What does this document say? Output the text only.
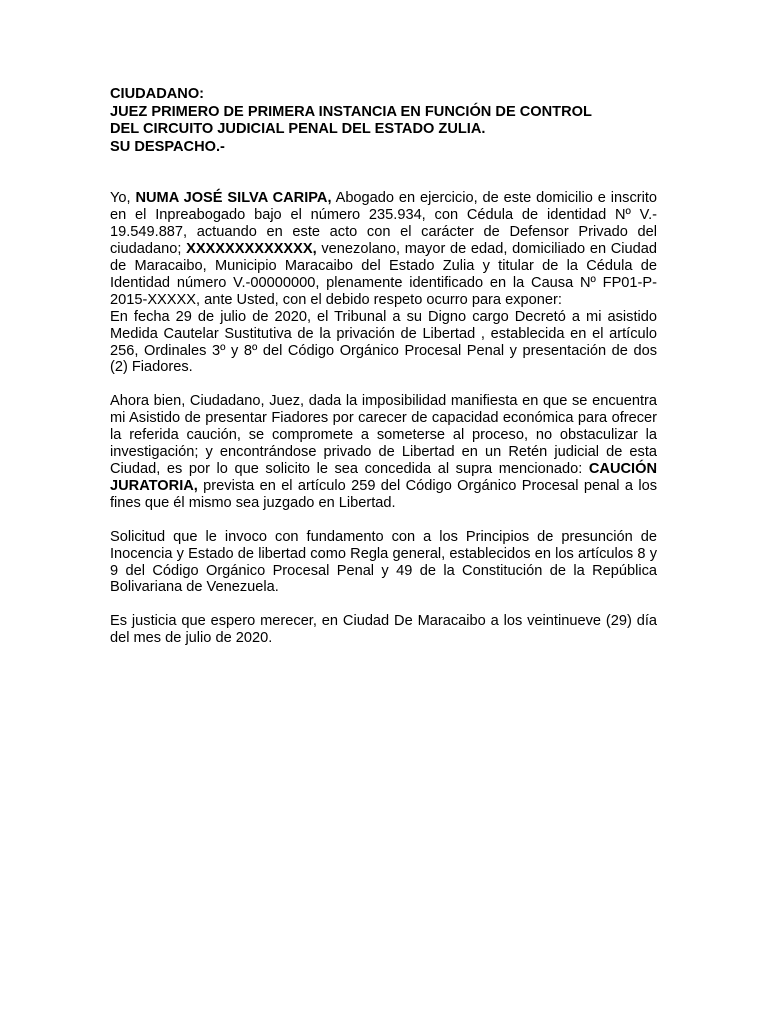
CIUDADANO:
JUEZ PRIMERO DE PRIMERA INSTANCIA EN FUNCIÓN DE CONTROL
DEL CIRCUITO JUDICIAL PENAL DEL ESTADO ZULIA.
SU DESPACHO.-

Yo, NUMA JOSÉ SILVA CARIPA, Abogado en ejercicio, de este domicilio e inscrito en el Inpreabogado bajo el número 235.934, con Cédula de identidad Nº V.- 19.549.887, actuando en este acto con el carácter de Defensor Privado del ciudadano; XXXXXXXXXXXXX, venezolano, mayor de edad, domiciliado en Ciudad de Maracaibo, Municipio Maracaibo del Estado Zulia y titular de la Cédula de Identidad número V.-00000000, plenamente identificado en la Causa Nº FP01-P-2015-XXXXX, ante Usted, con el debido respeto ocurro para exponer:

En fecha 29 de julio de 2020, el Tribunal a su Digno cargo Decretó a mi asistido Medida Cautelar Sustitutiva de la privación de Libertad , establecida en el artículo 256, Ordinales 3º y 8º del Código Orgánico Procesal Penal y presentación de dos (2) Fiadores.

Ahora bien, Ciudadano, Juez, dada la imposibilidad manifiesta en que se encuentra mi Asistido de presentar Fiadores por carecer de capacidad económica para ofrecer la referida caución, se compromete a someterse al proceso, no obstaculizar la investigación; y encontrándose privado de Libertad en un Retén judicial de esta Ciudad, es por lo que solicito le sea concedida al supra mencionado: CAUCIÓN JURATORIA, prevista en el artículo 259 del Código Orgánico Procesal penal a los fines que él mismo sea juzgado en Libertad.

Solicitud que le invoco con fundamento con a los Principios de presunción de Inocencia y Estado de libertad como Regla general, establecidos en los artículos 8 y 9 del Código Orgánico Procesal Penal y 49 de la Constitución de la República Bolivariana de Venezuela.

Es justicia que espero merecer, en Ciudad De Maracaibo a los veintinueve (29) día del mes de julio de 2020.
